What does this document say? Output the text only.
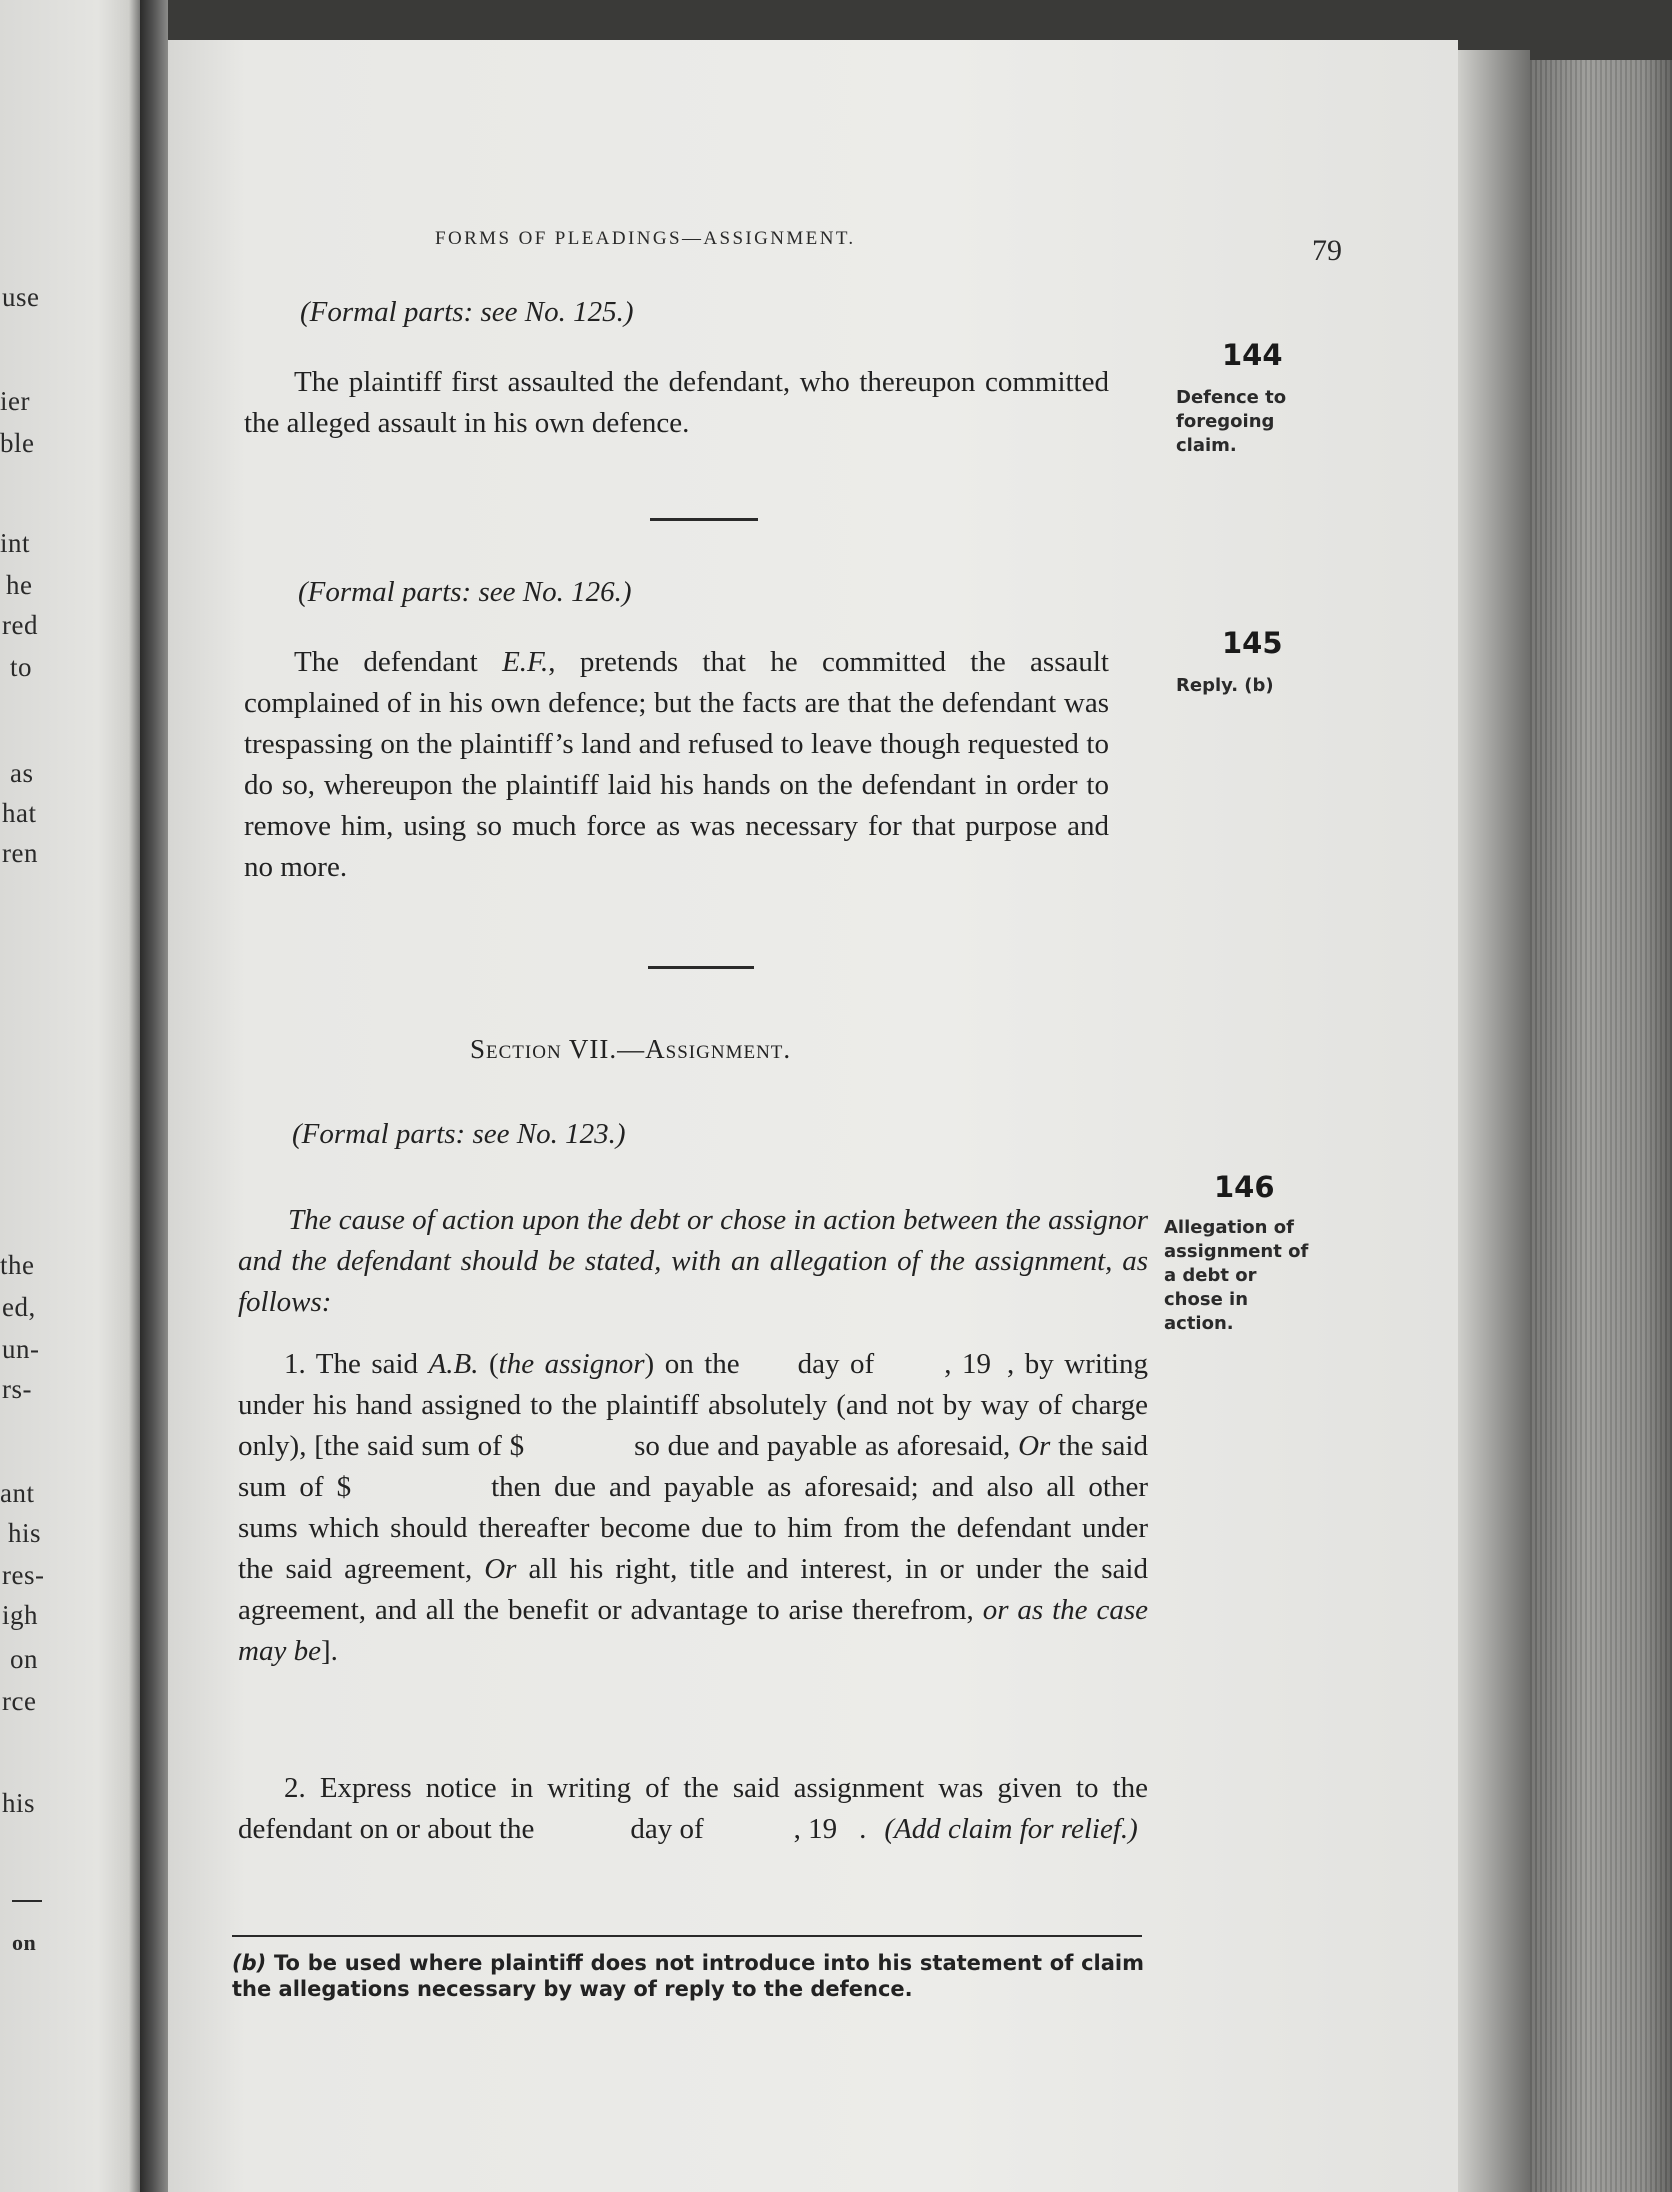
use
ier
ble
int
he
red
to
as
hat
ren
the
ed,
un-
rs-
ant
his
res-
igh
on
rce
his
on
FORMS OF PLEADINGS—ASSIGNMENT.	79
(Formal parts: see No. 125.)
144
Defence to
foregoing
claim.
The plaintiff first assaulted the defendant, who thereupon committed the alleged assault in his own defence.
(Formal parts: see No. 126.)
145
Reply. (b)
The defendant E.F., pretends that he committed the assault complained of in his own defence; but the facts are that the defendant was trespassing on the plaintiff’s land and refused to leave though requested to do so, whereupon the plaintiff laid his hands on the defendant in order to remove him, using so much force as was necessary for that purpose and no more.
Section VII.—Assignment.
(Formal parts: see No. 123.)
146
Allegation of
assignment of
a debt or
chose in
action.
The cause of action upon the debt or chose in action between the assignor and the defendant should be stated, with an allegation of the assignment, as follows:
1. The said A.B. (the assignor) on the day of , 19 , by writing under his hand assigned to the plaintiff absolutely (and not by way of charge only), [the said sum of $	so due and payable as aforesaid, Or the said sum of $	then due and payable as aforesaid; and also all other sums which should thereafter become due to him from the defendant under the said agreement, Or all his right, title and interest, in or under the said agreement, and all the benefit or advantage to arise therefrom, or as the case may be].
2. Express notice in writing of the said assignment was given to the defendant on or about the	day of	, 19 . (Add claim for relief.)
(b) To be used where plaintiff does not introduce into his statement of claim the allegations necessary by way of reply to the defence.
